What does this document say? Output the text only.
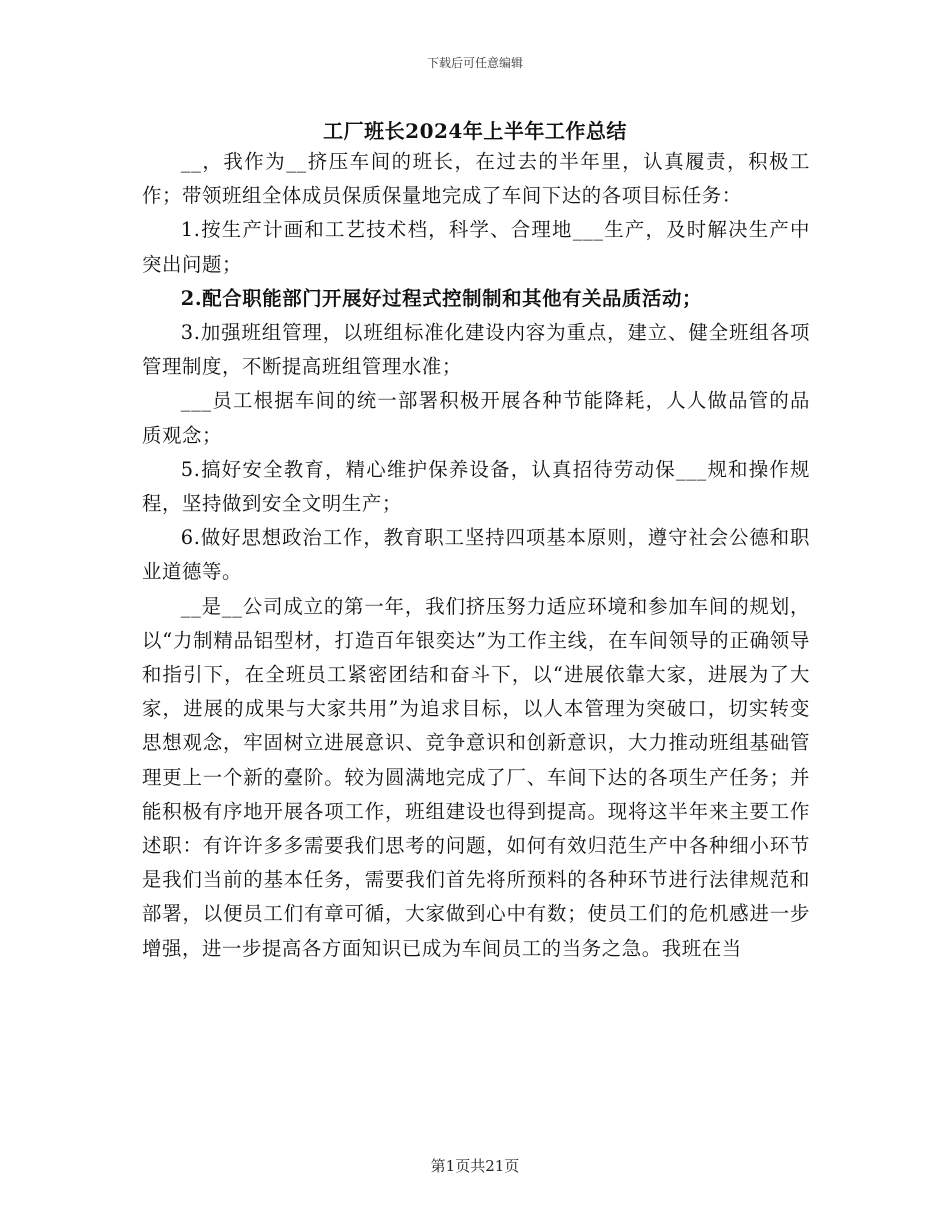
下载后可任意编辑
工厂班长2024年上半年工作总结

__，我作为__挤压车间的班长，在过去的半年里，认真履责，积极工作；带领班组全体成员保质保量地完成了车间下达的各项目标任务：

1.按生产计画和工艺技术档，科学、合理地___生产，及时解决生产中突出问题；

2.配合职能部门开展好过程式控制制和其他有关品质活动；

3.加强班组管理，以班组标准化建设内容为重点，建立、健全班组各项管理制度，不断提高班组管理水准；

___员工根据车间的统一部署积极开展各种节能降耗，人人做品管的品质观念；

5.搞好安全教育，精心维护保养设备，认真招待劳动保___规和操作规程，坚持做到安全文明生产；

6.做好思想政治工作，教育职工坚持四项基本原则，遵守社会公德和职业道德等。

__是__公司成立的第一年，我们挤压努力适应环境和参加车间的规划，以“力制精品铝型材，打造百年银奕达”为工作主线，在车间领导的正确领导和指引下，在全班员工紧密团结和奋斗下，以“进展依靠大家，进展为了大家，进展的成果与大家共用”为追求目标，以人本管理为突破口，切实转变思想观念，牢固树立进展意识、竞争意识和创新意识，大力推动班组基础管理更上一个新的臺阶。较为圆满地完成了厂、车间下达的各项生产任务；并能积极有序地开展各项工作，班组建设也得到提高。现将这半年来主要工作述职：有许许多多需要我们思考的问题，如何有效归范生产中各种细小环节是我们当前的基本任务，需要我们首先将所预料的各种环节进行法律规范和部署，以便员工们有章可循，大家做到心中有数；使员工们的危机感进一步增强，进一步提高各方面知识已成为车间员工的当务之急。我班在当

第1页共21页
